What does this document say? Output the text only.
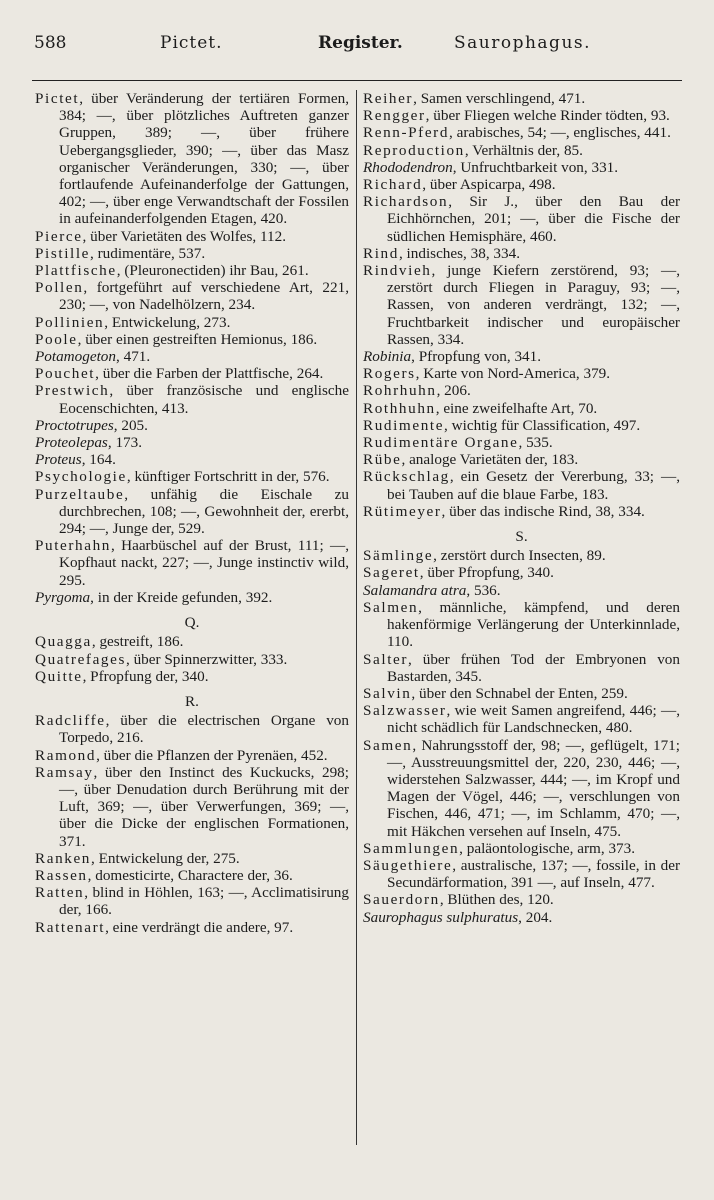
588	Pictet.	Register.	Saurophagus.

Pictet, über Veränderung der tertiären Formen, 384; —, über plötzliches Auftreten ganzer Gruppen, 389; —, über frühere Uebergangsglieder, 390; —, über das Masz organischer Veränderungen, 330; —, über fortlaufende Aufeinanderfolge der Gattungen, 402; —, über enge Verwandtschaft der Fossilen in aufeinanderfolgenden Etagen, 420.

Pierce, über Varietäten des Wolfes, 112.

Pistille, rudimentäre, 537.

Plattfische, (Pleuronectiden) ihr Bau, 261.

Pollen, fortgeführt auf verschiedene Art, 221, 230; —, von Nadelhölzern, 234.

Pollinien, Entwickelung, 273.

Poole, über einen gestreiften Hemionus, 186.

Potamogeton, 471.

Pouchet, über die Farben der Plattfische, 264.

Prestwich, über französische und englische Eocenschichten, 413.

Proctotrupes, 205.

Proteolepas, 173.

Proteus, 164.

Psychologie, künftiger Fortschritt in der, 576.

Purzeltaube, unfähig die Eischale zu durchbrechen, 108; —, Gewohnheit der, ererbt, 294; —, Junge der, 529.

Puterhahn, Haarbüschel auf der Brust, 111; —, Kopfhaut nackt, 227; —, Junge instinctiv wild, 295.

Pyrgoma, in der Kreide gefunden, 392.

Q.

Quagga, gestreift, 186.

Quatrefages, über Spinnerzwitter, 333.

Quitte, Pfropfung der, 340.

R.

Radcliffe, über die electrischen Organe von Torpedo, 216.

Ramond, über die Pflanzen der Pyrenäen, 452.

Ramsay, über den Instinct des Kuckucks, 298; —, über Denudation durch Berührung mit der Luft, 369; —, über Verwerfungen, 369; —, über die Dicke der englischen Formationen, 371.

Ranken, Entwickelung der, 275.

Rassen, domesticirte, Charactere der, 36.

Ratten, blind in Höhlen, 163; —, Acclimatisirung der, 166.

Rattenart, eine verdrängt die andere, 97.

Reiher, Samen verschlingend, 471.

Rengger, über Fliegen welche Rinder tödten, 93.

Renn-Pferd, arabisches, 54; —, englisches, 441.

Reproduction, Verhältnis der, 85.

Rhododendron, Unfruchtbarkeit von, 331.

Richard, über Aspicarpa, 498.

Richardson, Sir J., über den Bau der Eichhörnchen, 201; —, über die Fische der südlichen Hemisphäre, 460.

Rind, indisches, 38, 334.

Rindvieh, junge Kiefern zerstörend, 93; —, zerstört durch Fliegen in Paraguy, 93; —, Rassen, von anderen verdrängt, 132; —, Fruchtbarkeit indischer und europäischer Rassen, 334.

Robinia, Pfropfung von, 341.

Rogers, Karte von Nord-America, 379.

Rohrhuhn, 206.

Rothhuhn, eine zweifelhafte Art, 70.

Rudimente, wichtig für Classification, 497.

Rudimentäre Organe, 535.

Rübe, analoge Varietäten der, 183.

Rückschlag, ein Gesetz der Vererbung, 33; —, bei Tauben auf die blaue Farbe, 183.

Rütimeyer, über das indische Rind, 38, 334.

S.

Sämlinge, zerstört durch Insecten, 89.

Sageret, über Pfropfung, 340.

Salamandra atra, 536.

Salmen, männliche, kämpfend, und deren hakenförmige Verlängerung der Unterkinnlade, 110.

Salter, über frühen Tod der Embryonen von Bastarden, 345.

Salvin, über den Schnabel der Enten, 259.

Salzwasser, wie weit Samen angreifend, 446; —, nicht schädlich für Landschnecken, 480.

Samen, Nahrungsstoff der, 98; —, geflügelt, 171; —, Ausstreuungsmittel der, 220, 230, 446; —, widerstehen Salzwasser, 444; —, im Kropf und Magen der Vögel, 446; —, verschlungen von Fischen, 446, 471; —, im Schlamm, 470; —, mit Häkchen versehen auf Inseln, 475.

Sammlungen, paläontologische, arm, 373.

Säugethiere, australische, 137; —, fossile, in der Secundärformation, 391 —, auf Inseln, 477.

Sauerdorn, Blüthen des, 120.

Saurophagus sulphuratus, 204.
